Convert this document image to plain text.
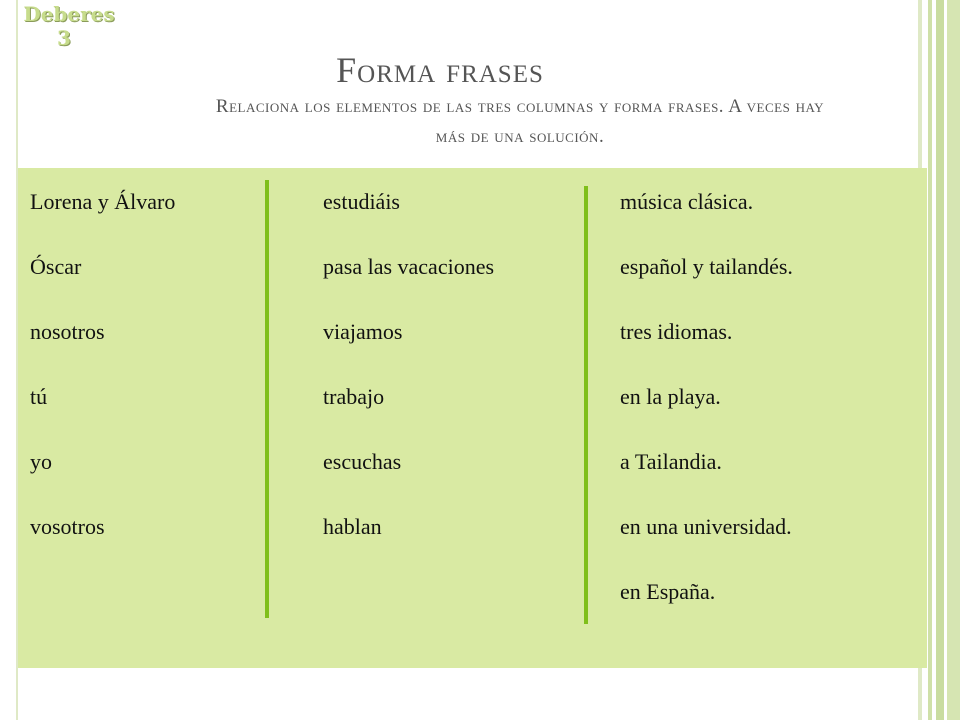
Deberes
3
Forma frases
Relaciona los elementos de las tres columnas y forma frases. A veces hay más de una solución.
Lorena y Álvaro
Óscar
nosotros
tú
yo
vosotros
estudiáis
pasa las vacaciones
viajamos
trabajo
escuchas
hablan
música clásica.
español y tailandés.
tres idiomas.
en la playa.
a Tailandia.
en una universidad.
en España.
